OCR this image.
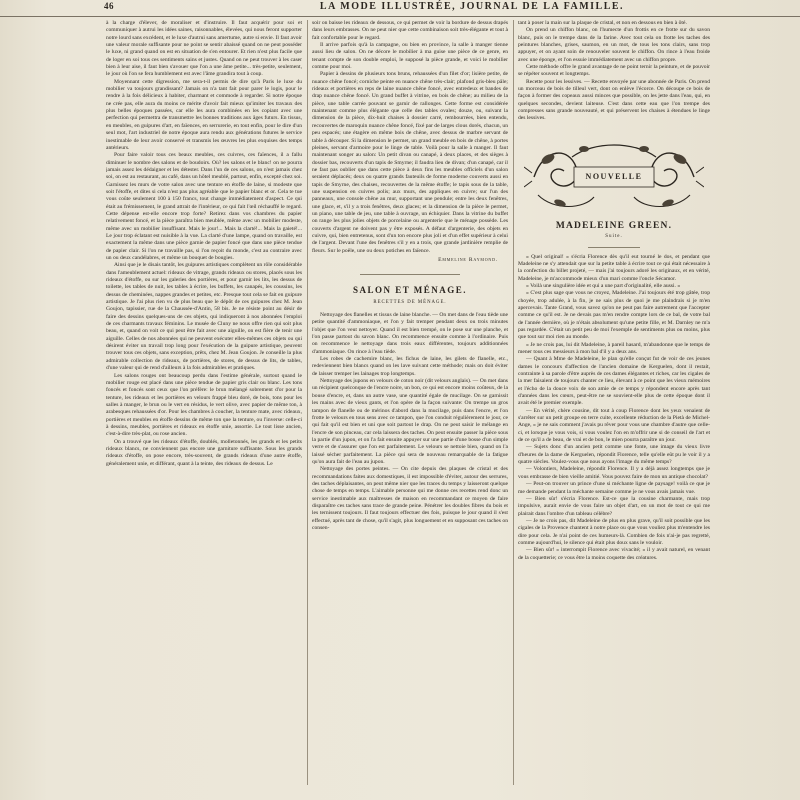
46	LA MODE ILLUSTRÉE, JOURNAL DE LA FAMILLE.

à la charge d'élever, de moraliser et d'instruire. Il faut acquérir pour soi et communiquer à autrui les idées saines, raisonnables, élevées, qui nous feront supporter notre lourd sans excédent, et le luxe d'autrui sans amertume, autre si envie. Il faut avoir une valeur morale suffisante pour ne point se sentir abaissé quand on ne peut posséder le luxe, ni grand quand on est en situation de s'en entourer. Et rien n'est plus facile que de loger en soi tous ces sentiments sains et justes. Quand on ne peut trouver à les caser bien à leur aise, il faut bien s'avouer que l'on a une âme petite... très-petite, seulement, le jour où l'on se fera humblement est avec l'âme grandira tout à coup.

Moyennant cette digression, me sera-t-il permis de dire qu'à Paris le luxe du mobilier va toujours grandissant? Jamais on n'a tant fait pour parer le logis, pour le rendre à la fois délicieux à habiter, charmant et commode à regarder. Si notre époque ne crée pas, elle aura du moins ce mérite d'avoir fait mieux qu'imiter les travaux des plus belles époques passées, car elle les aura combinées en les copiant avec une perfection qui permettra de transmettre les bonnes traditions aux âges futurs. En tissus, en meubles, en guipures d'art, en faïences, en serrurerie, en tout enfin, pour le dire d'un seul mot, l'art industriel de notre époque aura rendu aux générations futures le service inestimable de leur avoir conservé et transmis les œuvres les plus exquises des temps antérieurs.

Pour faire valoir tous ces beaux meubles, ces cuivres, ces faïences, il a fallu diminuer le nombre des salons et de boudoirs. Où? les salons et le blanc! on ne pourra jamais assez les dédaigner et les détester. Dans l'un de ces salons, on n'est jamais chez soi, on est au restaurant, au café, dans un hôtel meublé, partout, enfin, excepté chez soi. Garnissez les murs de votre salon avec une tenture en étoffe de laine, si modeste que soit l'étoffe, et dites si cela n'est pas plus agréable que le papier blanc et or. Cela te tue vous coûte seulement 100 à 150 francs, tout change immédiatement d'aspect. Ce qui était au frémissement, le grand attrait de l'intérieur, ce qui fait l'œil réchauffé le regard. Cette dépense est-elle encore trop forte? Retirez dans vos chambres du papier relativement foncé, et la pièce paraîtra bien meublée, même avec un mobilier modeste, même avec un mobilier insuffisant. Mais le jour!... Mais la clarté!... Mais la gaieté!... Le jour trop éclatant est nuisible à la vue. La clarté d'une lampe, quand on travaille, est exactement la même dans une pièce garnie de papier foncé que dans une pièce tendue de papier clair. Si l'on ne travaille pas, si l'on reçoit du monde, c'est au contraire avec un ou deux candélabres, et même un bouquet de bougies.

Ainsi que je le disais tantôt, les guipures artistiques complètent un rôle considérable dans l'ameublement actuel: rideaux de vitrage, grands rideaux ou stores, placés sous les rideaux d'étoffe, ou sur les galeries des portières, et pour garnir les lits, les dessus de toilette, les tables de nuit, les tables à écrire, les buffets, les canapés, les coussins, les dessus de cheminées, nappes grandes et petites, etc. Presque tout cela se fait en guipure artistique. Je l'ai plus rien vu de plus beau que le dépôt de ces guipures chez M. Jean Goujon, tapissier, rue de la Chaussée-d'Antin, 58 bis. Je ne résiste point au désir de faire des dessins quelques-uns de ces objets, qui indiqueront à nos abonnées l'emploi de ces charmants travaux féminins. Le musée de Cluny ne nous offre rien qui soit plus beau, et, quand on voit ce qui peut être fait avec une aiguille, on est fière de tenir une aiguille. Celles de nos abonnées qui ne peuvent exécuter elles-mêmes ces objets ou qui désirent éviter un travail trop long pour l'exécution de la guipure artistique, peuvent trouver tous ces objets, sans exception, prêts, chez M. Jean Goujon. Je conseille la plus admirable collection de rideaux, de portières, de stores, de dessus de lits, de tables, d'une valeur qui de rend d'ailleurs à la fois admirables et pratiques.

Les salons rouges ont beaucoup perdu dans l'estime générale, surtout quand le mobilier rouge est placé dans une pièce tendue de papier gris clair ou blanc. Les tons foncés et foncés sont ceux que l'on préfère: le brun mélangé sobrement d'or pour la tenture, les rideaux et les portières en velours frappé bleu doré, de bois, tons pour les salles à manger, le brun ou le vert en résidus, le vert olive, avec papier de même ton, à arabesques rehaussées d'or. Pour les chambres à coucher, la tenture mate, avec rideaux, portières et meubles en étoffe dessins de même ton que la tenture, ou l'inverse: celle-ci à dessins, meubles, portières et rideaux en étoffe unie, assortie. Le tout lisse ancien, c'est-à-dire très-plat, ou rose ancien.

On a trouvé que les rideaux d'étoffe, doublés, molletonnés, les grands et les petits rideaux blancs, ne conviennent pas encore une garniture suffisante. Sous les grands rideaux d'étoffe, on pose encore, très-souvent, de grands rideaux d'une autre étoffe, généralement unie, et différant, quant à la teinte, des rideaux de dessus. Le

soir on baisse les rideaux de dessous, ce qui permet de voir la bordure de dessus drapés dans leurs embrasses. On ne peut nier que cette combinaison soit très-élégante et tout à fait confortable pour le regard.

Il arrive parfois qu'à la campagne, ou bien en province, la salle à manger tienne aussi lieu de salon. On ne décore le mobilier à ma guise une pièce de ce genre, en tenant compte de son double emploi, le supposé la pièce grande, et voici le mobilier comme pour moi.

Papier à dessins de plusieurs tons bruns, rehaussées d'un filet d'or; lisière petite, de nuance chêne foncé; corniche peinte en nuance chêne très-clair; plafond gris-bleu pâle; rideaux et portières en reps de laine nuance chêne foncé, avec entredeux et bandes de drap nuance chêne foncé. Un grand buffet à vitrine, en bois de chêne; au milieu de la pièce, une table carrée pouvant se garnir de rallonges. Cette forme est considérée maintenant comme plus élégante que celle des tables ovales; douze, ou, suivant la dimension de la pièce, dix-huit chaises à dossier carré, rembourrées, bien entendu, recouvertes de maroquin nuance chêne foncé, fixé par de larges clous dorés, chacun, un peu espacés; une étagère en même bois de chêne, avec dessus de marbre servant de table à découper. Si la dimension le permet, un grand meuble en bois de chêne, à portes pleines, servant d'armoire pour le linge de table. Voilà pour la salle à manger. Il faut maintenant songer au salon: Un petit divan ou canapé, à deux places, et des sièges à dossier bas, recouverts d'un tapis de Smyrne; il faudra lieu de divan; d'un canapé, car il ne faut pas oublier que dans cette pièce à deux fins les meubles officiels d'un salon seraient déplacés; deux ou quatre grands fauteuils de forme moderne couverts aussi en tapis de Smyrne, des chaises, recouvertes de la même étoffe; le tapis sous de la table, une suspension en cuivres polis; aux murs, des appliques en cuivre; sur l'un des panneaux, une console chêne au mur, supportant une pendule; entre les deux fenêtres, une glace, et, s'il y a trois fenêtres, deux glaces; et la dimension de la pièce le permet, un piano, une table de jeu, une table à ouvrage, un échiquier. Dans la vitrine du buffet on range les plus jolies objets de porcelaine ou argenterie que le ménage possède. Les couverts d'argent ne doivent pas y être exposés. A défaut d'argenterie, des objets en cuivre, qui, bien entretenus, sont d'un ton encore plus joli et d'un effet supérieur à celui de l'argent. Devant l'une des fenêtres s'il y en a trois, que grande jardinière remplie de fleurs. Sur le poêle, une ou deux potiches en faïence.

Emmeline Raymond.
SALON ET MÉNAGE.
RECETTES DE MÉNAGE.

Nettoyage des flanelles et tissus de laine blanche. — On met dans de l'eau tiède une petite quantité d'ammoniaque, et l'on y fait tremper pendant deux ou trois minutes l'objet que l'on veut nettoyer. Quand il est bien trempé, on le pose sur une planche, et l'on passe partout du savon blanc. On recommence ensuite comme à l'ordinaire. Puis on recommence le nettoyage dans trois eaux différentes, toujours additionnées d'ammoniaque. On rince à l'eau tiède.

Les robes de cachemire blanc, les fichus de laine, les gilets de flanelle, etc., redeviennent bien blancs quand on les lave suivant cette méthode; mais on doit éviter de laisser tremper les lainages trop longtemps.

Nettoyage des jupons en velours de coton noir (dit velours anglais). — On met dans un récipient quelconque de l'encre noire, un bon, ce qui est encore moins coûteux, de la bouse d'encre, et, dans un autre vase, une quantité égale de mucilage. On se garnissit les mains avec de vieux gants, et l'on opère de la façon suivante: On trempe un gros tampon de flanelle ou de mérinos d'abord dans la mucilage, puis dans l'encre, et l'on frotte le velours en tous sens avec ce tampon, que l'on conduit régulièrement le jour, ce qui fait qu'il est bien et uni que soit partout le drap. On ne peut saisir le mélange en l'encre de son pinceau, car cela laissera des taches. On peut ensuite passer la pièce sous la partie d'un jupon, et on l'a fait ensuite appuyer sur une partie d'une bosse d'un simple verre et de s'assurer que l'on est parfaitement. Le velours se nettoie bien, quand on l'a laissé sécher parfaitement. La pièce qui sera de nouveau remarquable de la fatigue qu'on aura fait de l'eau au jupon.

Nettoyage des portes peintes. — On cite depuis des plaques de cristal et des recommandations faites aux domestiques, il est impossible d'éviter, autour des serrures, des taches déplaisantes, on peut même nier que les traces du temps y laisseront quelque chose de temps en temps. L'aimable personne qui me donne ces recettes rend donc un service inestimable aux maîtresses de maison en recommandant ce moyen de faire disparaître ces taches sans trace de grande peine. Pénétrer les doubles fibres du bois et les ternissent toujours. Il faut toujours effectuer des fois, puisque le jour quand il s'est effectué, après tant de chose, qu'il s'agit, plus longuement et en supposant ces taches on consen-

tant à poser la main sur la plaque de cristal, et non en dessous en bien à ôté.

On prend un chiffon blanc, on l'humecte d'un frottis en ce frotte sur du savon blanc, puis on le trempe dans de la farine. Avec tout cela on frotte les taches des peintures blanches, grises, saumon, en un mot, de tous les tons clairs, sans trop appuyer, et on ayant soin de renouveler souvent le chiffon. On rince à l'eau froide avec une éponge, et l'on essuie immédiatement avec un chiffon propre.

Cette méthode offre le grand avantage de ne point ternir la peinture, et de pouvoir se répéter souvent et longtemps.

Recette pour les lessives. — Recette envoyée par une abonnée de Paris. On prend un morceau de bois de tilleul vert, dont on enlève l'écorce. On découpe ce bois de façon à former des copeaux aussi minces que possible, on les jette dans l'eau, qui, en quelques secondes, devient laiteuse. C'est dans cette eau que l'on trempe des compresses sans grande nouveauté, et qui préservent les chaises à étendues le linge des lessives.

NOUVELLE
MADELEINE GREEN.
Suite.

« Quel original! » s'écria Florence dès qu'il eut tourné le dos, et pendant que Madeleine ne s'y attendait que sur la petite table à écrire tout ce qui était nécessaire à la confection du billet projeté, — mais j'ai toujours adoré les originaux, et en vérité, Madeleine, je m'accommode mieux d'un mari comme l'oncle Sécamor.

« Voilà une singulière idée et qui a une part d'originalité, elle aussi. »

« C'est plus sage que vous ne croyez, Madeleine. J'ai toujours été trop gâtée, trop choyée, trop adulée, à la fin, je ne sais plus de quoi je me plaindrais si je m'en apercevais. Tante Grand, vous savez qu'on ne peut pas faire autrement que l'accepter comme ce qu'il est. Je ne devais pas m'en rendre compte lors de ce bal, de votre bal de l'année dernière, où je n'étais absolument qu'une petite fille, et M. Darnley ne m'a pas regardée. C'était un petit peu de moi l'exemple de sentiments plus ou moins, plus que tout sur moi rien au monde.

« Je ne crois pas, lui dit Madeleine, à pareil hasard, m'abandonne que le temps de mener tous ces messieurs à mon bal d'il y a deux ans.

— Quant à Mme de Madeleine, le plan qu'elle conçut fut de voir de ces jeunes dames le concours d'affection de l'ancien domaine de Kerguelen, dont il restait, contrainte à sa parole d'être auprès de ces dames élégantes et riches, car les cigales de la mer faisaient de toujours chanter ce lieu, élevant à ce point que les vieux mémoires et l'écho de la douce voix de son amie de ce temps y répondent encore après tant d'années dans les cœurs, peut-être ne se souvient-elle plus de cette époque dont il avait été le premier exemple.

— En vérité, chère cousine, dit tout à coup Florence dont les yeux venaient de s'arrêter sur un petit groupe en terre cuite, excellente réduction de la Pietà de Michel-Ange, « je ne sais comment j'avais pu rêver pour vous une chambre d'autre que celle-ci, et lorsque je vous vois, si vous voulez l'on en m'offrir une si de conseil de l'art et de ce qu'il a de beau, de vrai et de bon, le mien pourra paraître un jour.

— Sujets donc d'un ancien petit comme une fonte, une image du vieux livre d'heures de la dame de Kerguelen, répondit Florence, telle qu'elle eût pu le voir il y a quatre siècles. Voulez-vous que nous ayons l'image du même temps?

— Volontiers, Madeleine, répondit Florence. Il y a déjà assez longtemps que je vous embrasse de bien vieille amitié. Vous pouvez faire de mon un antique chocolat?

— Peut-on trouver un prince d'une si méchante ligne de paysage! voilà ce que je me demande pendant la méchante semaine comme je ne vous avais jamais vue.

— Bien sûr! s'écria Florence. Est-ce que la cousine charmante, mais trop impulsive, aurait envie de vous faire un objet d'art, en un mot de tout ce qui me plairait dans l'ombre d'un tableau célèbre?

— Je ne crois pas, dit Madeleine de plus en plus grave, qu'il soit possible que les cigales de la Provence chantent à notre place ou que vous vouliez plus m'entendre les dire pour cela. Je n'ai point de ces humeurs-là. Combien de fois n'ai-je pas regretté, comme aujourd'hui, le silence qui était plus doux sans le vouloir.

— Bien sûr! » interrompit Florence avec vivacité; « il y avait naturel, en venant de la coquetterie; ce vous être la moins coquette des créatures.
